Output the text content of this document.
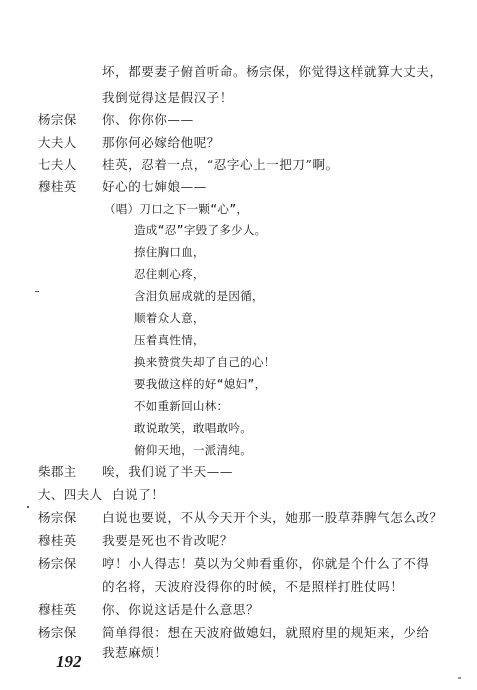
坏，都要妻子俯首听命。杨宗保，你觉得这样就算大丈夫，
我倒觉得这是假汉子！
杨宗保	你、你你你——
大夫人	那你何必嫁给他呢？
七夫人	桂英，忍着一点，“忍字心上一把刀”啊。
穆桂英	好心的七婶娘——
（唱）刀口之下一颗“心”，
造成“忍”字毁了多少人。
捺住胸口血，
忍住刺心疼，
含泪负屈成就的是因循，
顺着众人意，
压着真性情，
换来赞赏失却了自己的心！
要我做这样的好“媳妇”，
不如重新回山林：
敢说敢笑，敢唱敢吟。
俯仰天地，一派清纯。
柴郡主	唉，我们说了半天——
大、四夫人 白说了！
杨宗保	白说也要说，不从今天开个头，她那一股草莽脾气怎么改？
穆桂英	我要是死也不肯改呢？
杨宗保	哼！小人得志！莫以为父帅看重你，你就是个什么了不得
的名将，天波府没得你的时候，不是照样打胜仗吗！
穆桂英	你、你说这话是什么意思？
杨宗保	简单得很：想在天波府做媳妇，就照府里的规矩来，少给
我惹麻烦！
192
